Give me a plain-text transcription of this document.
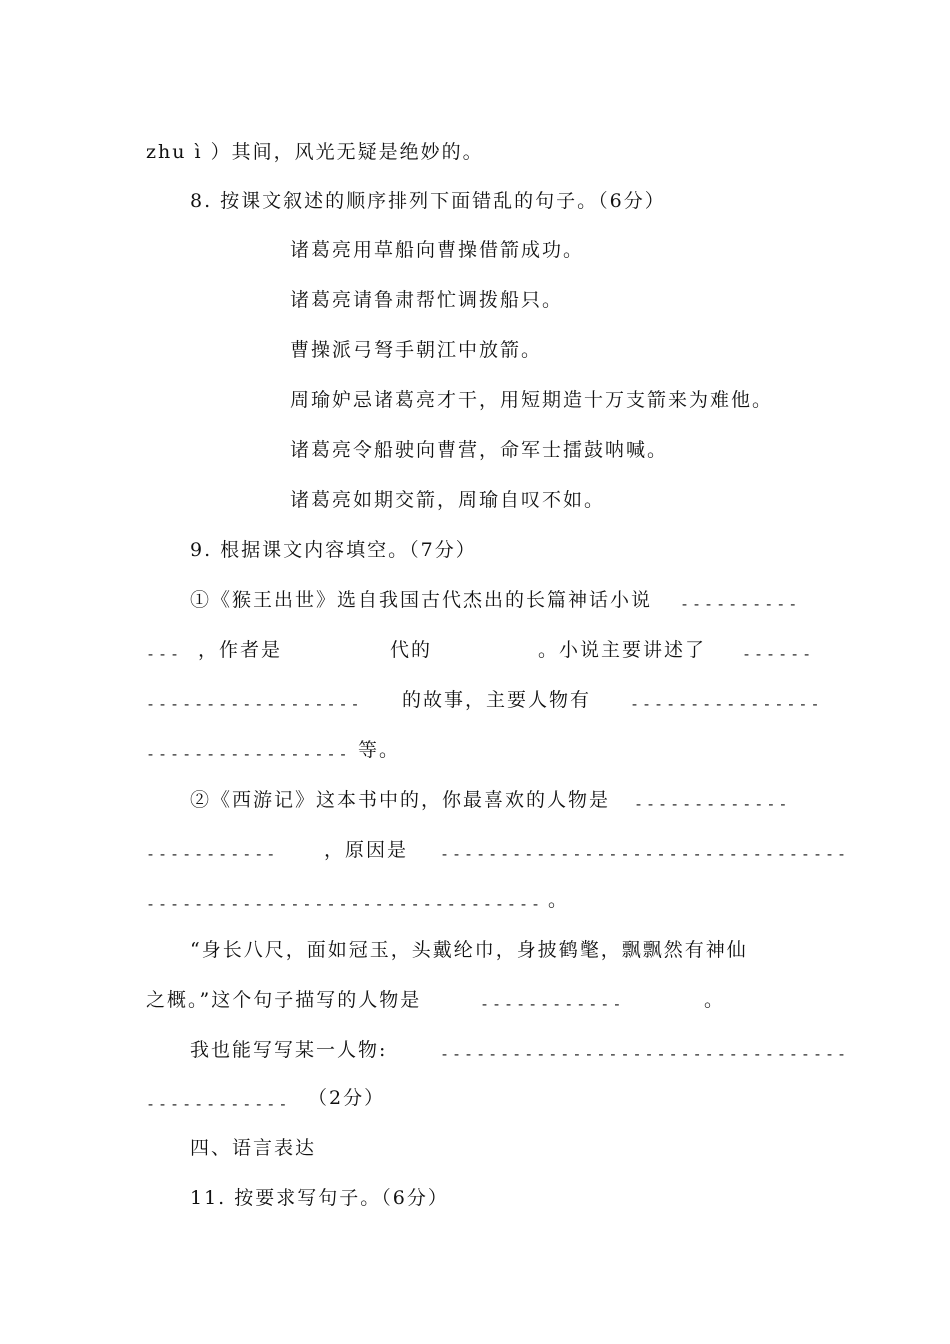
zhu ì ）其间，风光无疑是绝妙的。
8. 按课文叙述的顺序排列下面错乱的句子。（6分）
诸葛亮用草船向曹操借箭成功。
诸葛亮请鲁肃帮忙调拨船只。
曹操派弓弩手朝江中放箭。
周瑜妒忌诸葛亮才干，用短期造十万支箭来为难他。
诸葛亮令船驶向曹营，命军士擂鼓呐喊。
诸葛亮如期交箭，周瑜自叹不如。
9. 根据课文内容填空。（7分）
①《猴王出世》选自我国古代杰出的长篇神话小说 ----------
--- ，作者是	代的	。小说主要讲述了 ------
------------------ 的故事，主要人物有	----------------
----------------- 等。
②《西游记》这本书中的，你最喜欢的人物是 -------------
----------- ，原因是 ----------------------------------
--------------------------------- 。
“身长八尺，面如冠玉，头戴纶巾，身披鹤氅，飘飘然有神仙
之概。”这个句子描写的人物是	------------	。
我也能写写某一人物:	----------------------------------
------------ （2分）
四、语言表达
11. 按要求写句子。（6分）
